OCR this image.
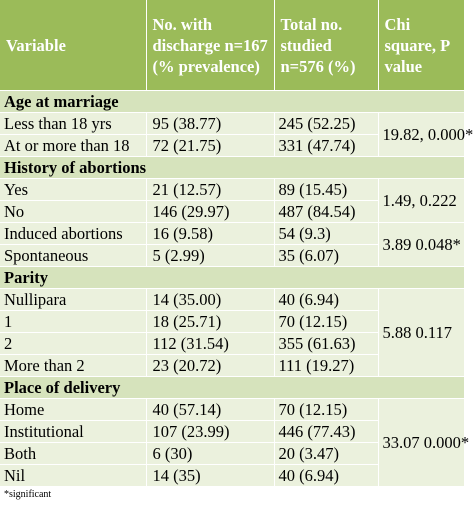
Variable	No. with discharge n=167 (% prevalence)	Total no. studied n=576 (%)	Chi square, P value
Age at marriage			
Less than 18 yrs	95 (38.77)	245 (52.25)	19.82, 0.000*
At or more than 18	72 (21.75)	331 (47.74)	
History of abortions			
Yes	21 (12.57)	89 (15.45)	1.49, 0.222
No	146 (29.97)	487 (84.54)	
Induced abortions	16 (9.58)	54 (9.3)	3.89 0.048*
Spontaneous	5 (2.99)	35 (6.07)	
Parity			
Nullipara	14 (35.00)	40 (6.94)	5.88 0.117
1	18 (25.71)	70 (12.15)	
2	112 (31.54)	355 (61.63)	
More than 2	23 (20.72)	111 (19.27)	
Place of delivery			
Home	40 (57.14)	70 (12.15)	33.07 0.000*
Institutional	107 (23.99)	446 (77.43)	
Both	6 (30)	20 (3.47)	
Nil	14 (35)	40 (6.94)	
*significant
